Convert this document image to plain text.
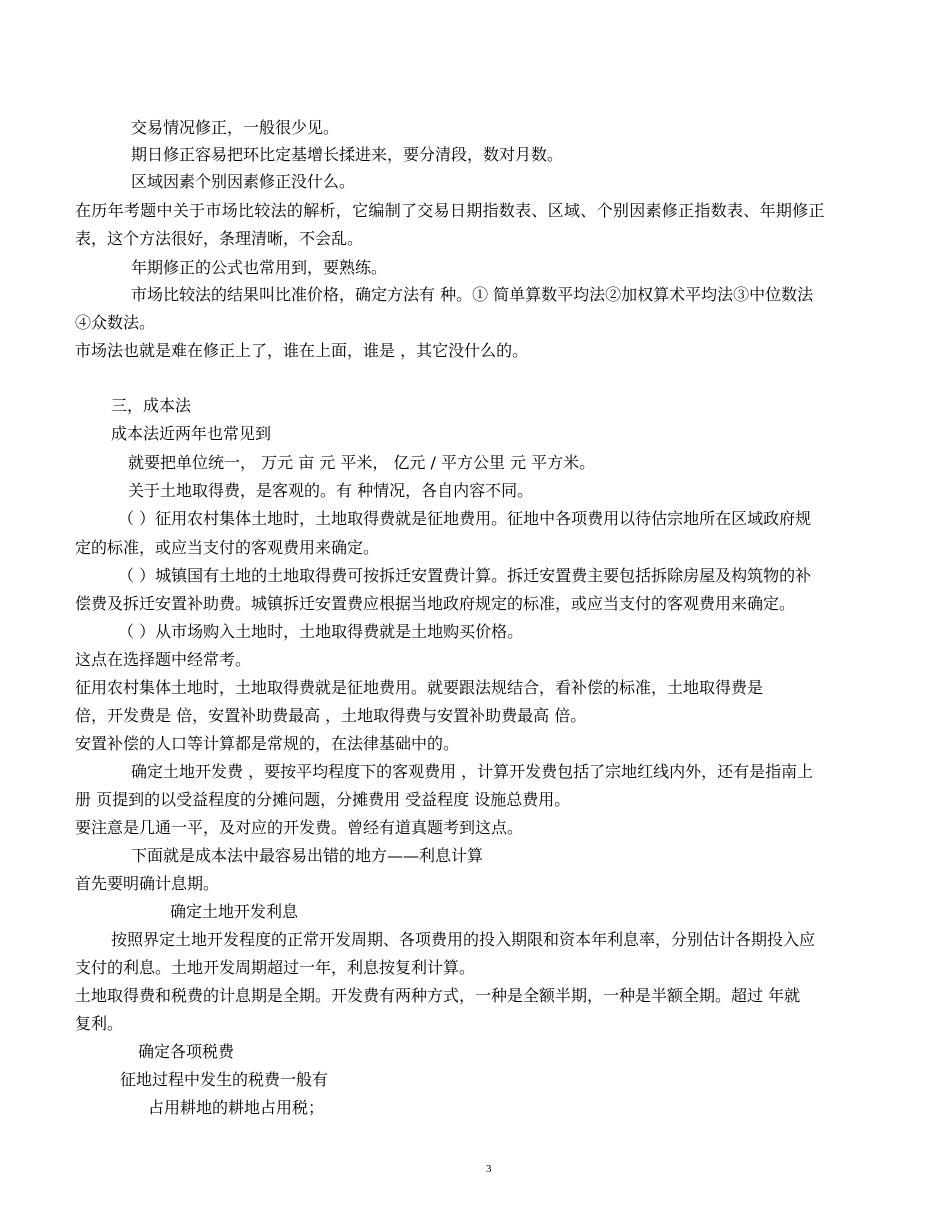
交易情况修正，一般很少见。
期日修正容易把环比定基增长揉进来，要分清段，数对月数。
区域因素个别因素修正没什么。
在历年考题中关于市场比较法的解析，它编制了交易日期指数表、区域、个别因素修正指数表、年期修正
表，这个方法很好，条理清晰，不会乱。
年期修正的公式也常用到，要熟练。
市场比较法的结果叫比准价格，确定方法有 种。① 简单算数平均法②加权算术平均法③中位数法
④众数法。
市场法也就是难在修正上了，谁在上面，谁是 ，其它没什么的。
三，成本法
成本法近两年也常见到
就要把单位统一， 万元 亩 元 平米， 亿元 / 平方公里 元 平方米。
关于土地取得费，是客观的。有 种情况，各自内容不同。
（ ）征用农村集体土地时，土地取得费就是征地费用。征地中各项费用以待估宗地所在区域政府规
定的标准，或应当支付的客观费用来确定。
（ ）城镇国有土地的土地取得费可按拆迁安置费计算。拆迁安置费主要包括拆除房屋及构筑物的补
偿费及拆迁安置补助费。城镇拆迁安置费应根据当地政府规定的标准，或应当支付的客观费用来确定。
（ ）从市场购入土地时，土地取得费就是土地购买价格。
这点在选择题中经常考。
征用农村集体土地时，土地取得费就是征地费用。就要跟法规结合，看补偿的标准，土地取得费是
倍，开发费是 倍，安置补助费最高 ，土地取得费与安置补助费最高 倍。
安置补偿的人口等计算都是常规的，在法律基础中的。
确定土地开发费 ，要按平均程度下的客观费用 ，计算开发费包括了宗地红线内外，还有是指南上
册 页提到的以受益程度的分摊问题，分摊费用 受益程度 设施总费用。
要注意是几通一平，及对应的开发费。曾经有道真题考到这点。
下面就是成本法中最容易出错的地方——利息计算
首先要明确计息期。
确定土地开发利息
按照界定土地开发程度的正常开发周期、各项费用的投入期限和资本年利息率，分别估计各期投入应
支付的利息。土地开发周期超过一年，利息按复利计算。
土地取得费和税费的计息期是全期。开发费有两种方式，一种是全额半期，一种是半额全期。超过 年就
复利。
确定各项税费
征地过程中发生的税费一般有
占用耕地的耕地占用税；
3
